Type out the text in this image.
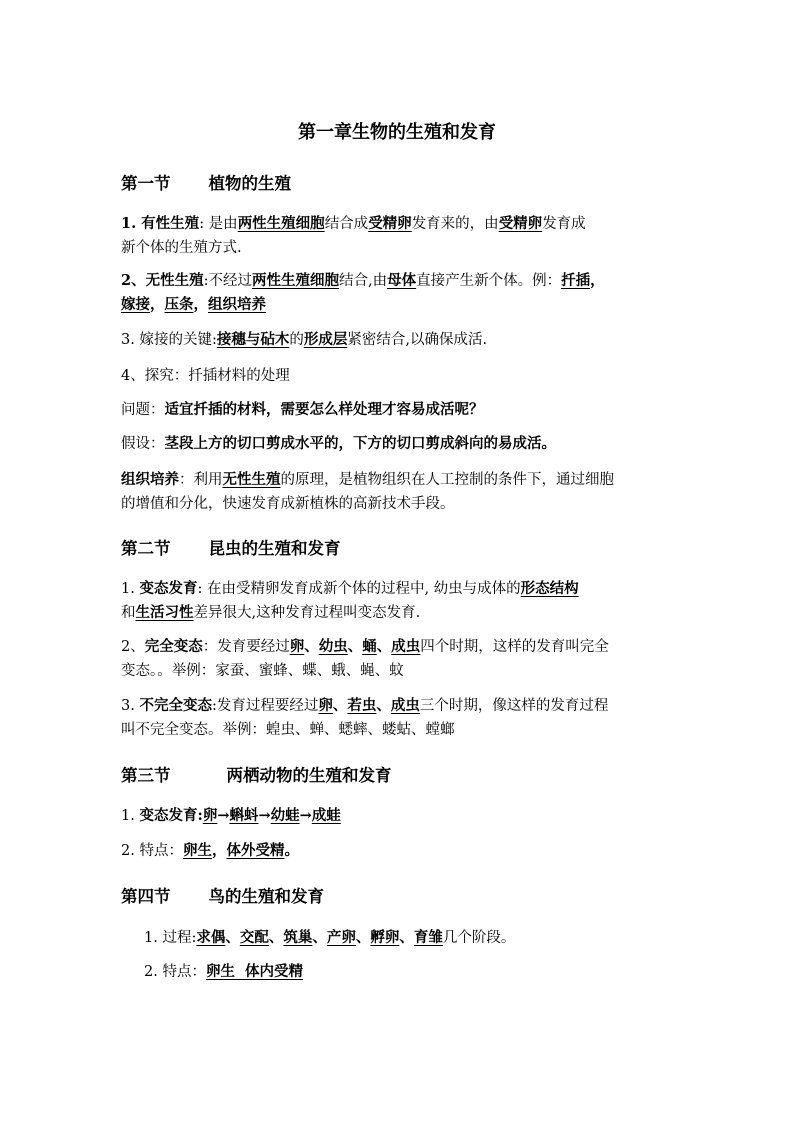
第一章生物的生殖和发育
第一节 植物的生殖
1. 有性生殖: 是由两性生殖细胞结合成受精卵发育来的，由受精卵发育成
新个体的生殖方式.
2、无性生殖:不经过两性生殖细胞结合,由母体直接产生新个体。例：扦插，
嫁接，压条，组织培养
3. 嫁接的关键:接穗与砧木的形成层紧密结合,以确保成活.
4、探究：扦插材料的处理
问题：适宜扦插的材料，需要怎么样处理才容易成活呢？
假设：茎段上方的切口剪成水平的，下方的切口剪成斜向的易成活。
组织培养：利用无性生殖的原理，是植物组织在人工控制的条件下，通过细胞
的增值和分化，快速发育成新植株的高新技术手段。
第二节 昆虫的生殖和发育
1. 变态发育: 在由受精卵发育成新个体的过程中, 幼虫与成体的形态结构
和生活习性差异很大,这种发育过程叫变态发育.
2、完全变态：发育要经过卵、幼虫、蛹、成虫四个时期，这样的发育叫完全
变态。。举例：家蚕、蜜蜂、蝶、蛾、蝇、蚊
3. 不完全变态:发育过程要经过卵、若虫、成虫三个时期，像这样的发育过程
叫不完全变态。举例：蝗虫、蝉、蟋蟀、蝼蛄、螳螂
第三节	两栖动物的生殖和发育
1. 变态发育:卵→蝌蚪→幼蛙→成蛙
2. 特点：卵生，体外受精。
第四节 鸟的生殖和发育
1. 过程:求偶、交配、筑巢、产卵、孵卵、育雏几个阶段。
2. 特点：卵生  体内受精
